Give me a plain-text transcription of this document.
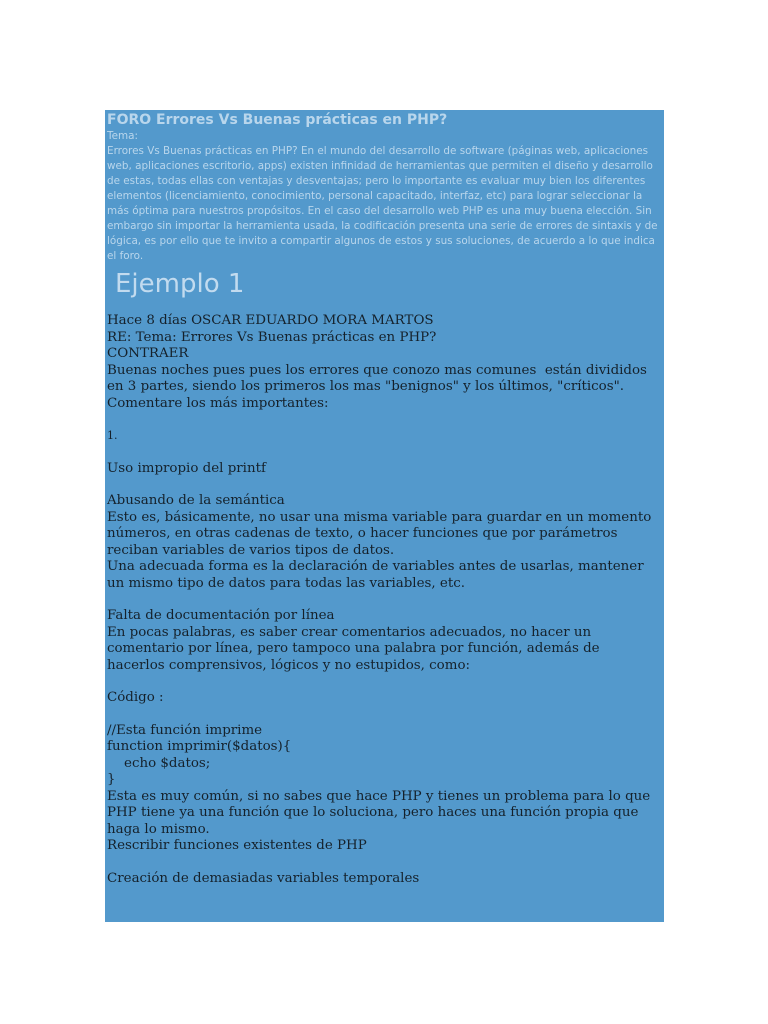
FORO Errores Vs Buenas prácticas en PHP?

Tema:

Errores Vs Buenas prácticas en PHP? En el mundo del desarrollo de software (páginas web, aplicaciones web, aplicaciones escritorio, apps) existen infinidad de herramientas que permiten el diseño y desarrollo de estas, todas ellas con ventajas y desventajas; pero lo importante es evaluar muy bien los diferentes elementos (licenciamiento, conocimiento, personal capacitado, interfaz, etc) para lograr seleccionar la más óptima para nuestros propósitos. En el caso del desarrollo web PHP es una muy buena elección. Sin embargo sin importar la herramienta usada, la codificación presenta una serie de errores de sintaxis y de lógica, es por ello que te invito a compartir algunos de estos y sus soluciones, de acuerdo a lo que indica el foro.

Ejemplo 1
Hace 8 días OSCAR EDUARDO MORA MARTOS
RE: Tema: Errores Vs Buenas prácticas en PHP?
CONTRAER
Buenas noches pues pues los errores que conozo mas comunes  están divididos en 3 partes, siendo los primeros los mas "benignos" y los últimos, "críticos". Comentare los más importantes:
1.
Uso impropio del printf
Abusando de la semántica
Esto es, básicamente, no usar una misma variable para guardar en un momento números, en otras cadenas de texto, o hacer funciones que por parámetros reciban variables de varios tipos de datos.
Una adecuada forma es la declaración de variables antes de usarlas, mantener un mismo tipo de datos para todas las variables, etc.
Falta de documentación por línea
En pocas palabras, es saber crear comentarios adecuados, no hacer un comentario por línea, pero tampoco una palabra por función, además de hacerlos comprensivos, lógicos y no estupidos, como:
Código :
//Esta función imprime
function imprimir($datos){
echo $datos;
}
Esta es muy común, si no sabes que hace PHP y tienes un problema para lo que PHP tiene ya una función que lo soluciona, pero haces una función propia que haga lo mismo.
Rescribir funciones existentes de PHP
Creación de demasiadas variables temporales
